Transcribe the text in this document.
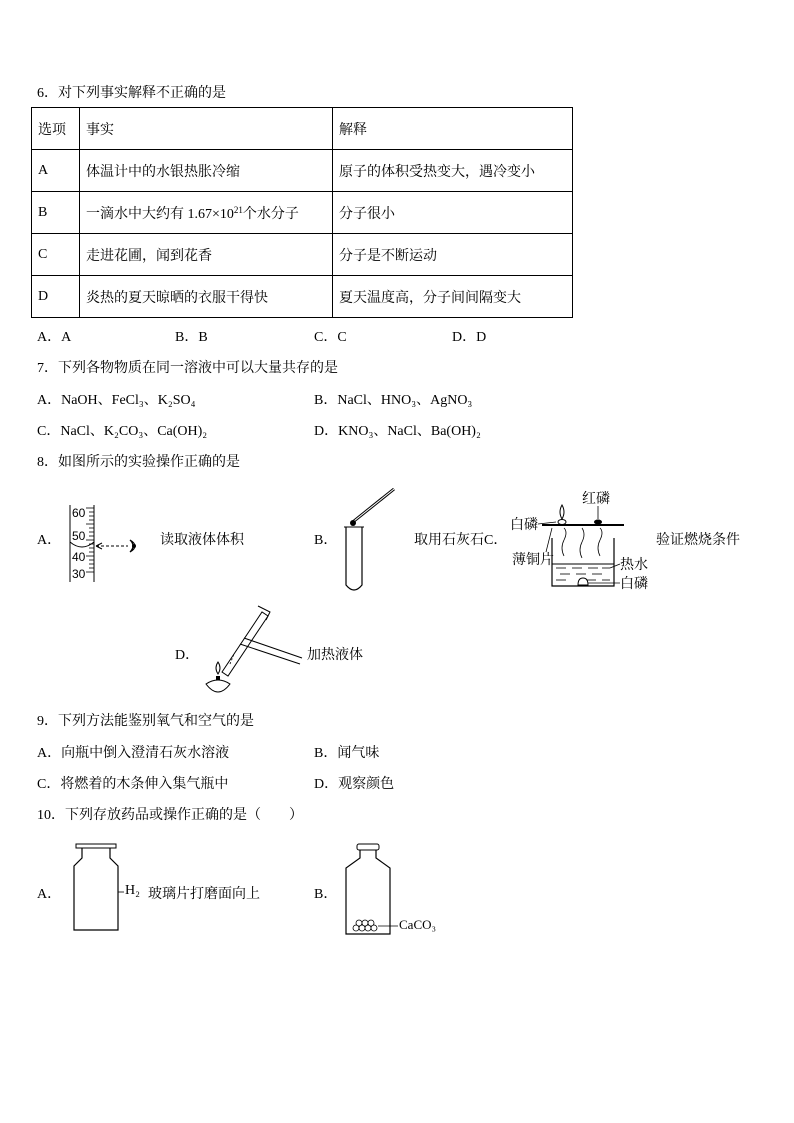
6．对下列事实解释不正确的是
选项	事实	解释
A	体温计中的水银热胀冷缩	原子的体积受热变大，遇冷变小
B	一滴水中大约有 $1.67\times 10^{21}$个水分子	分子很小
C	走进花圃，闻到花香	分子是不断运动
D	炎热的夏天晾晒的衣服干得快	夏天温度高，分子间间隔变大
A．A	B．B	C．C	D．D
7．下列各物物质在同一溶液中可以大量共存的是
A．NaOH、FeCl₃、K₂SO₄	B．NaCl、HNO₃、AgNO₃
C．NaCl、K₂CO₃、Ca(OH)₂	D．KNO₃、NaCl、Ba(OH)₂
8．如图所示的实验操作正确的是
A．
60
50
40
30
读取液体体积	B．	取用石灰石 C．
红磷
白磷
薄铜片	热水
白磷
验证燃烧条件
D．	加热液体
9．下列方法能鉴别氧气和空气的是
A．向瓶中倒入澄清石灰水溶液	B．闻气味
C．将燃着的木条伸入集气瓶中	D．观察颜色
10．下列存放药品或操作正确的是（　　）
A．	H₂ 玻璃片打磨面向上	B．
CaCO₃
